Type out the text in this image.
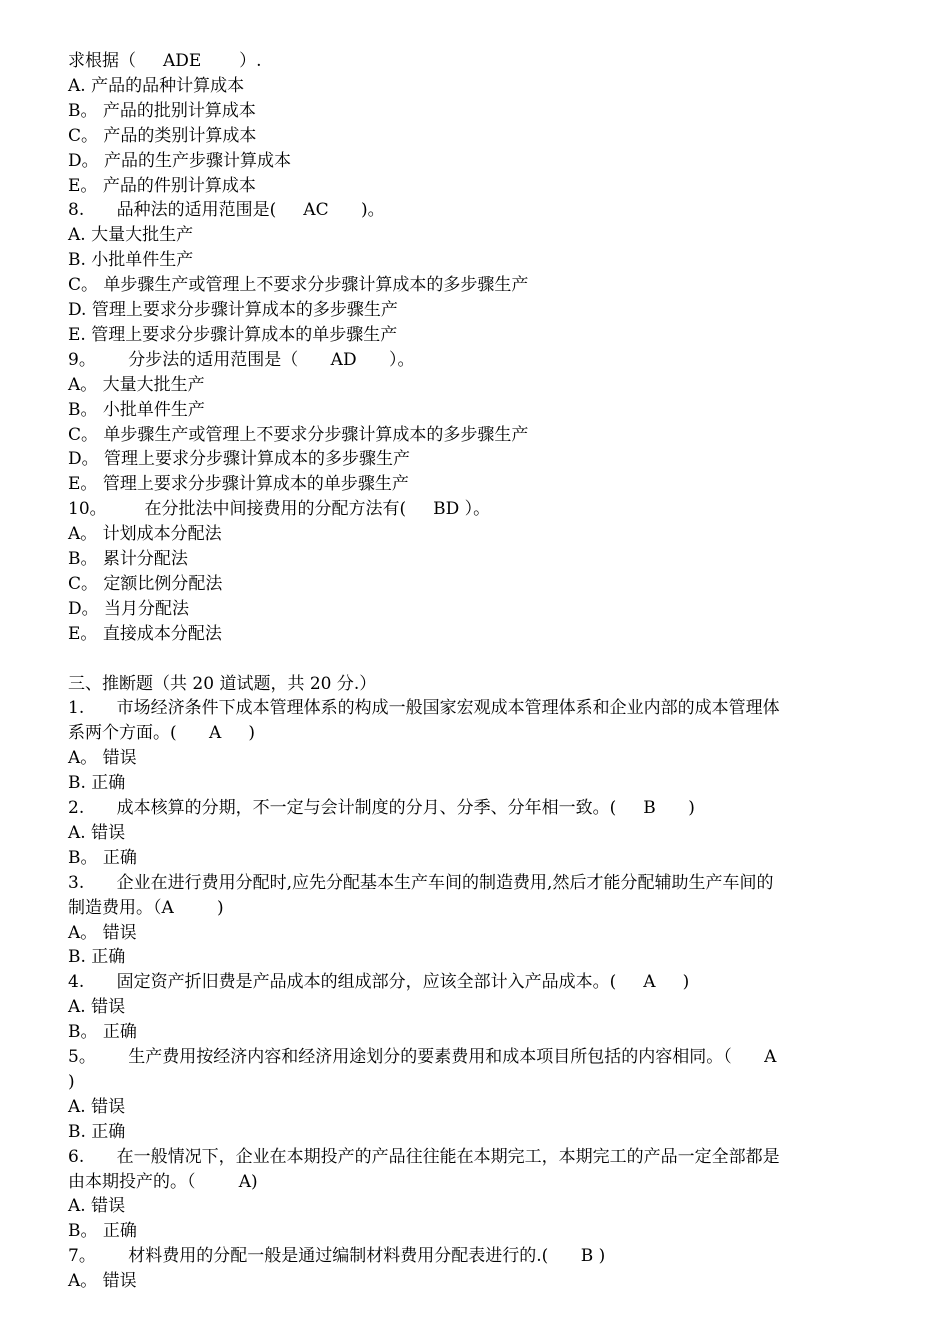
求根据（     ADE       ）.
A. 产品的品种计算成本
B。 产品的批别计算成本
C。 产品的类别计算成本
D。 产品的生产步骤计算成本
E。 产品的件别计算成本
8.      品种法的适用范围是(     AC      )。
A. 大量大批生产
B. 小批单件生产
C。 单步骤生产或管理上不要求分步骤计算成本的多步骤生产
D. 管理上要求分步骤计算成本的多步骤生产
E. 管理上要求分步骤计算成本的单步骤生产
9。      分步法的适用范围是（      AD      ）。
A。 大量大批生产
B。 小批单件生产
C。 单步骤生产或管理上不要求分步骤计算成本的多步骤生产
D。 管理上要求分步骤计算成本的多步骤生产
E。 管理上要求分步骤计算成本的单步骤生产
10。       在分批法中间接费用的分配方法有(     BD ）。
A。 计划成本分配法
B。 累计分配法
C。 定额比例分配法
D。 当月分配法
E。 直接成本分配法
三、推断题（共 20 道试题，共 20 分.）
1.      市场经济条件下成本管理体系的构成一般国家宏观成本管理体系和企业内部的成本管理体
系两个方面。(      A     )
A。 错误
B. 正确
2.      成本核算的分期，不一定与会计制度的分月、分季、分年相一致。(     B      )
A. 错误
B。 正确
3.      企业在进行费用分配时,应先分配基本生产车间的制造费用,然后才能分配辅助生产车间的
制造费用。（A        )
A。 错误
B. 正确
4.      固定资产折旧费是产品成本的组成部分，应该全部计入产品成本。(     A     )
A. 错误
B。 正确
5。      生产费用按经济内容和经济用途划分的要素费用和成本项目所包括的内容相同。（      A
)
A. 错误
B. 正确
6.      在一般情况下，企业在本期投产的产品往往能在本期完工，本期完工的产品一定全部都是
由本期投产的。（        A)
A. 错误
B。 正确
7。      材料费用的分配一般是通过编制材料费用分配表进行的.(      B )
A。 错误
